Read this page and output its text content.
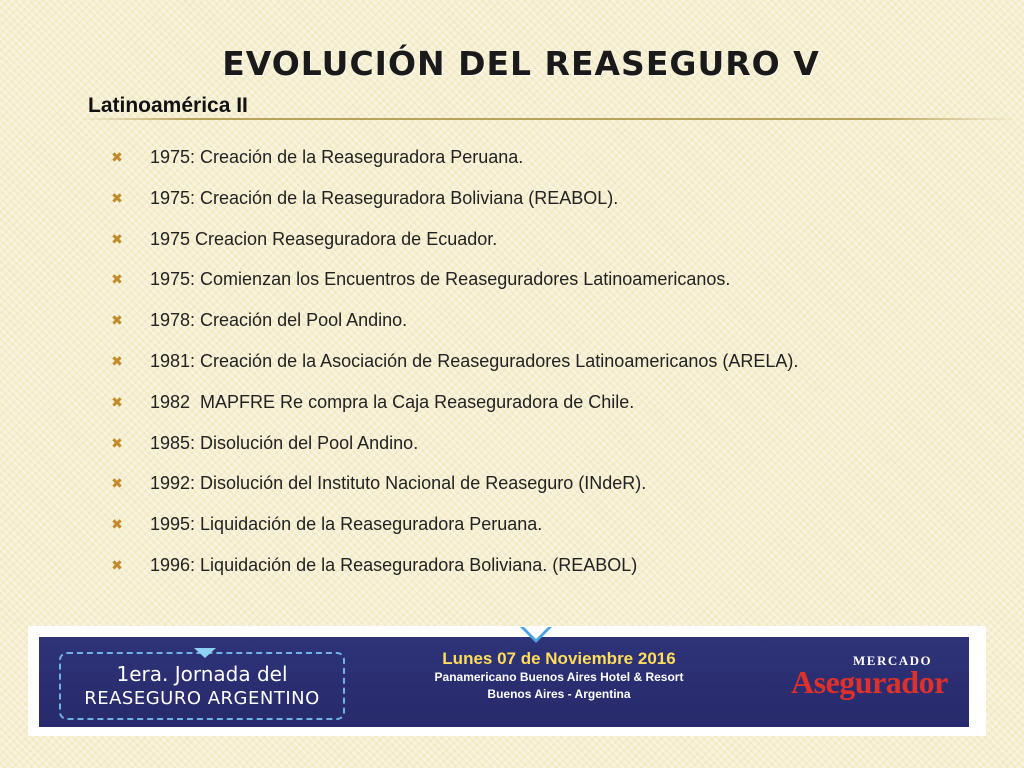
EVOLUCIÓN DEL REASEGURO V
Latinoamérica II
✖ 1975: Creación de la Reaseguradora Peruana.
✖ 1975: Creación de la Reaseguradora Boliviana (REABOL).
✖ 1975 Creacion Reaseguradora de Ecuador.
✖ 1975: Comienzan los Encuentros de Reaseguradores Latinoamericanos.
✖ 1978: Creación del Pool Andino.
✖ 1981: Creación de la Asociación de Reaseguradores Latinoamericanos (ARELA).
✖ 1982  MAPFRE Re compra la Caja Reaseguradora de Chile.
✖ 1985: Disolución del Pool Andino.
✖ 1992: Disolución del Instituto Nacional de Reaseguro (INdeR).
✖ 1995: Liquidación de la Reaseguradora Peruana.
✖ 1996: Liquidación de la Reaseguradora Boliviana. (REABOL)
1era. Jornada del
REASEGURO ARGENTINO
Lunes 07 de Noviembre 2016
Panamericano Buenos Aires Hotel & Resort
Buenos Aires - Argentina
MERCADO
Asegurador
